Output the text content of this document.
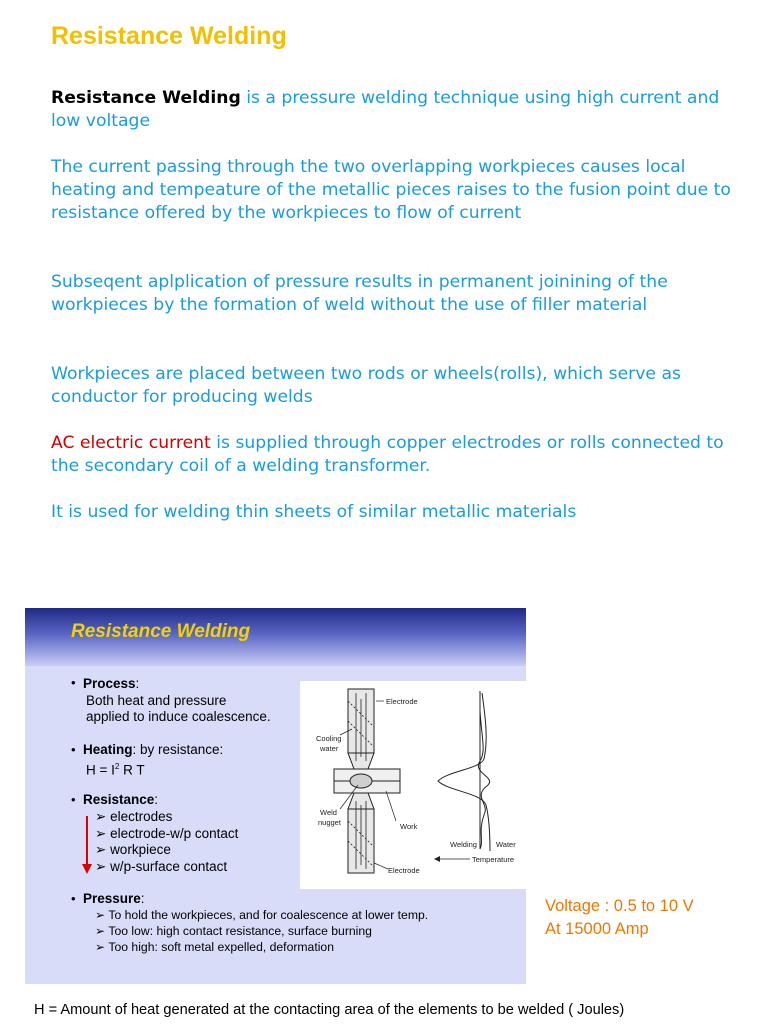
Resistance Welding

Resistance Welding is a pressure welding technique using high current and low voltage

The current passing through the two overlapping workpieces causes local heating and tempeature of the metallic pieces raises to the fusion point due to resistance offered by the workpieces to flow of current

Subseqent aplplication of pressure results in permanent joinining of the workpieces by the formation of weld without the use of filler material

Workpieces are placed between two rods or wheels(rolls), which serve as conductor for producing welds

AC electric current is supplied through copper electrodes or rolls connected to the secondary coil of a welding transformer.

It is used for welding thin sheets of similar metallic materials

Resistance Welding
• Process:
Both heat and pressure
applied to induce coalescence.
• Heating: by resistance:
$H = I^2$ R T
• Resistance:
➢ electrodes
➢ electrode-w/p contact
➢ workpiece
➢ w/p-surface contact
• Pressure:
➢ To hold the workpieces, and for coalescence at lower temp.
➢ Too low: high contact resistance, surface burning
➢ Too high: soft metal expelled, deformation
Cooling
water
Electrode
Weld
nugget	Work
Welding	Water
Electrode
Temperature
Voltage : 0.5 to 10 V
At 15000 Amp
H = Amount of heat generated at the contacting area of the elements to be welded ( Joules)
